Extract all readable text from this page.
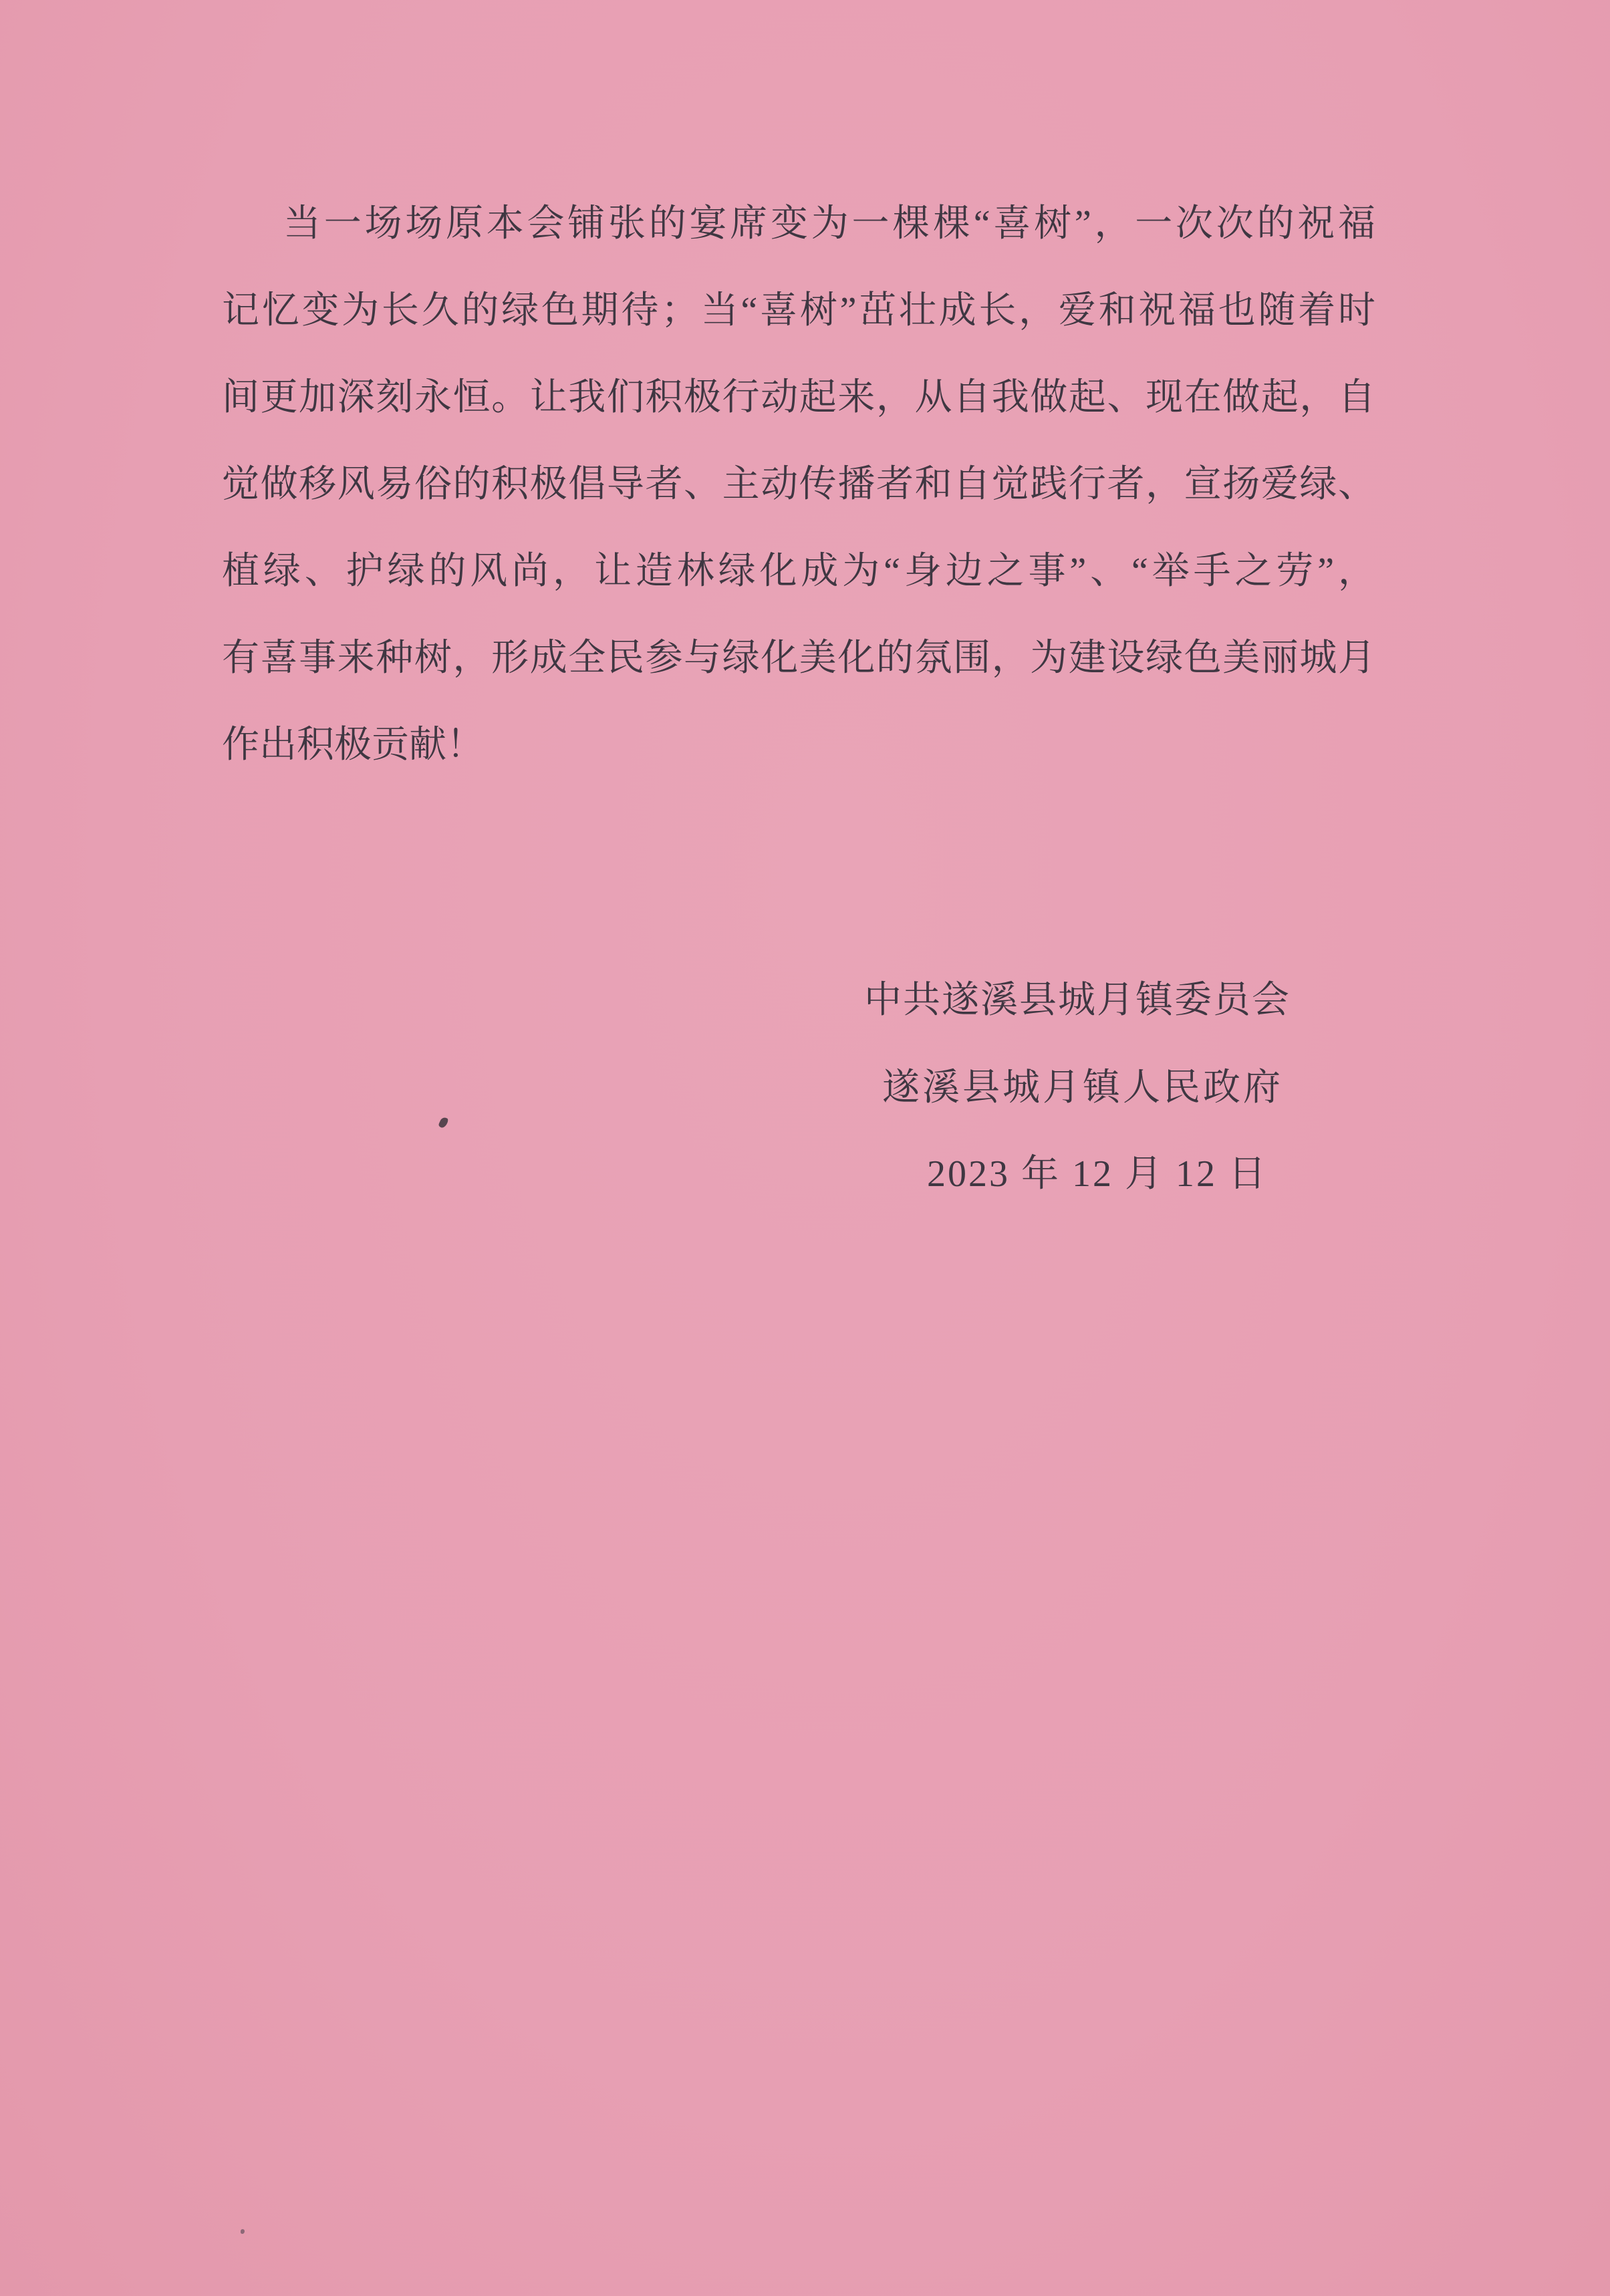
当一场场原本会铺张的宴席变为一棵棵“喜树”，一次次的祝福
记忆变为长久的绿色期待；当“喜树”茁壮成长，爱和祝福也随着时
间更加深刻永恒。让我们积极行动起来，从自我做起、现在做起，自
觉做移风易俗的积极倡导者、主动传播者和自觉践行者，宣扬爱绿、
植绿、护绿的风尚，让造林绿化成为“身边之事”、“举手之劳”，
有喜事来种树，形成全民参与绿化美化的氛围，为建设绿色美丽城月
作出积极贡献！
中共遂溪县城月镇委员会
遂溪县城月镇人民政府
2023 年 12 月 12 日
